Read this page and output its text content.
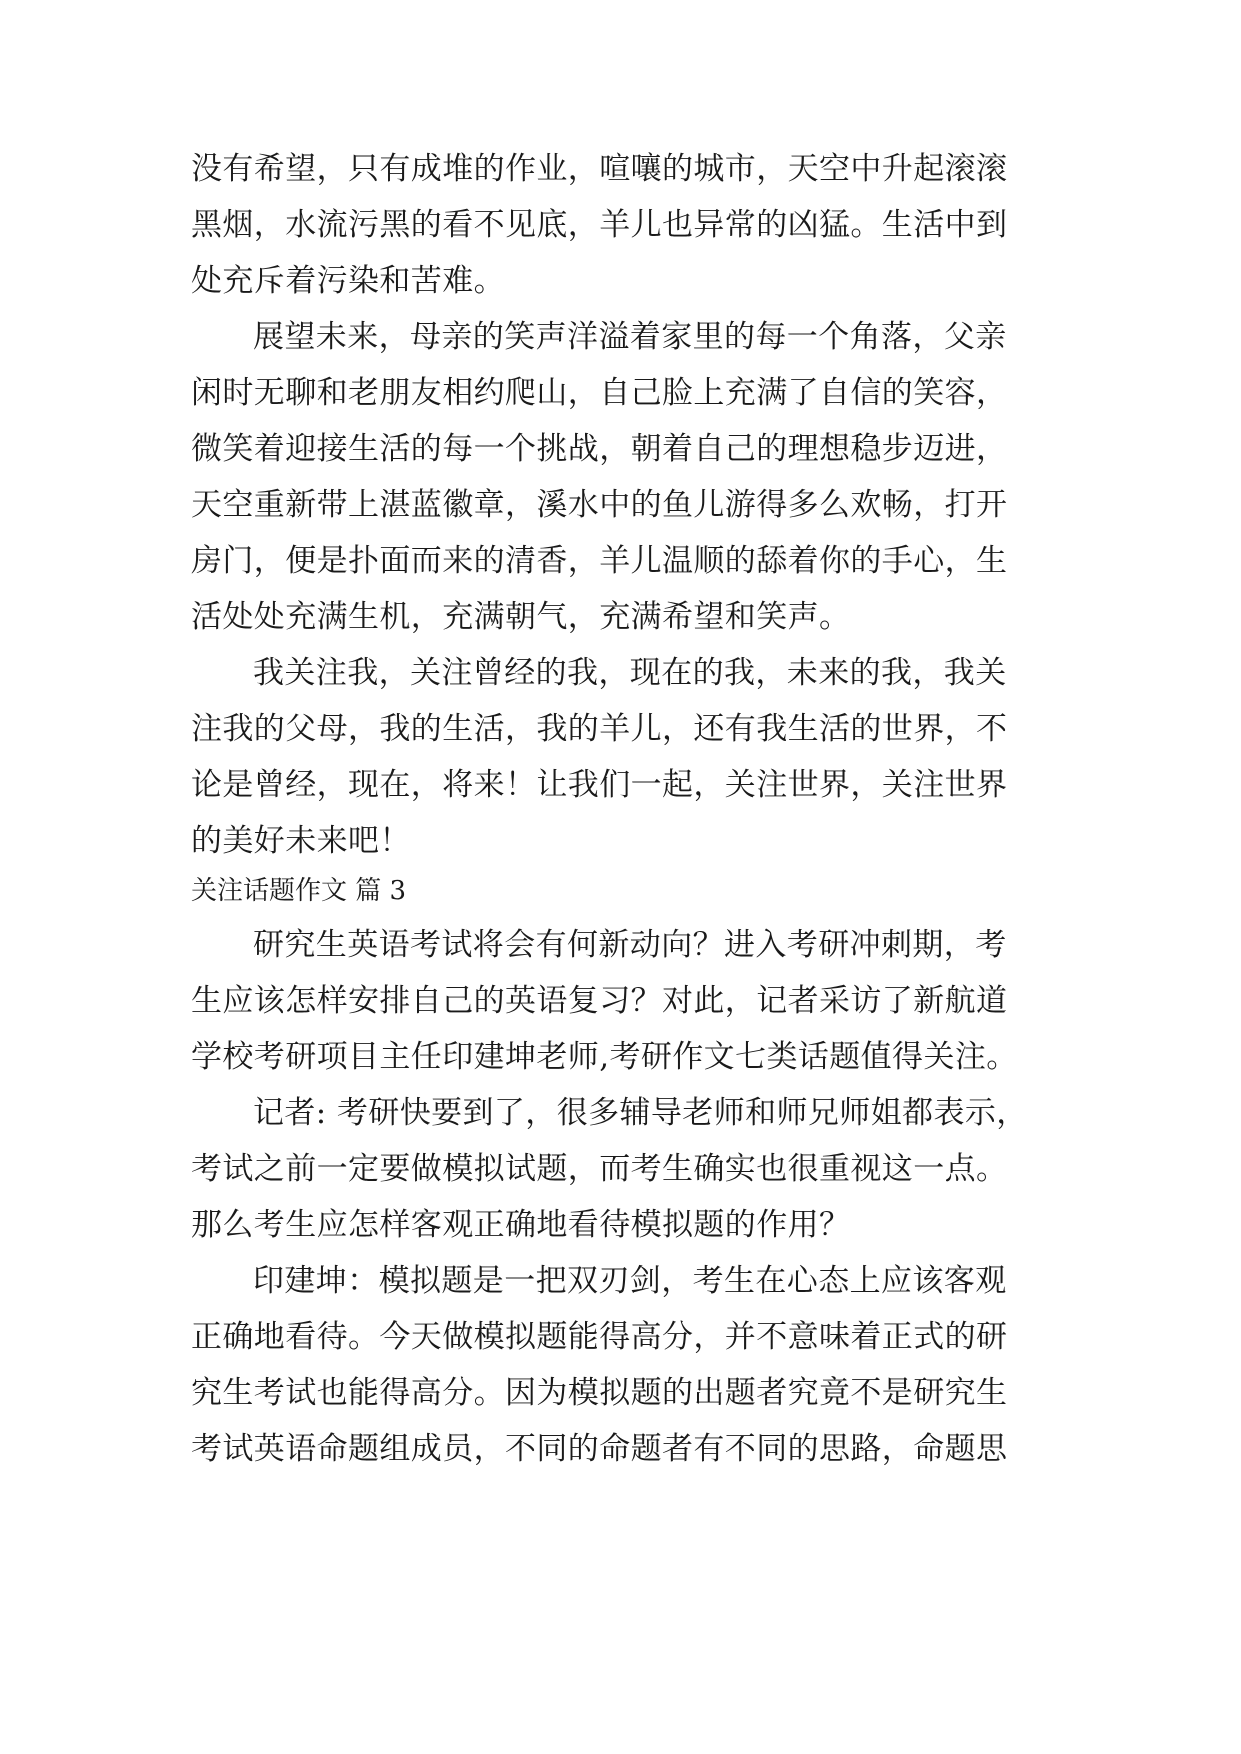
没有希望，只有成堆的作业，喧嚷的城市，天空中升起滚滚
黑烟，水流污黑的看不见底，羊儿也异常的凶猛。生活中到
处充斥着污染和苦难。
展望未来，母亲的笑声洋溢着家里的每一个角落，父亲
闲时无聊和老朋友相约爬山，自己脸上充满了自信的笑容，
微笑着迎接生活的每一个挑战，朝着自己的理想稳步迈进，
天空重新带上湛蓝徽章，溪水中的鱼儿游得多么欢畅，打开
房门，便是扑面而来的清香，羊儿温顺的舔着你的手心，生
活处处充满生机，充满朝气，充满希望和笑声。
我关注我，关注曾经的我，现在的我，未来的我，我关
注我的父母，我的生活，我的羊儿，还有我生活的世界，不
论是曾经，现在，将来！让我们一起，关注世界，关注世界
的美好未来吧！
关注话题作文 篇 3
研究生英语考试将会有何新动向？进入考研冲刺期，考
生应该怎样安排自己的英语复习？对此，记者采访了新航道
学校考研项目主任印建坤老师,考研作文七类话题值得关注。
记者: 考研快要到了，很多辅导老师和师兄师姐都表示，
考试之前一定要做模拟试题，而考生确实也很重视这一点。
那么考生应怎样客观正确地看待模拟题的作用？
印建坤：模拟题是一把双刃剑，考生在心态上应该客观
正确地看待。今天做模拟题能得高分，并不意味着正式的研
究生考试也能得高分。因为模拟题的出题者究竟不是研究生
考试英语命题组成员，不同的命题者有不同的思路，命题思
